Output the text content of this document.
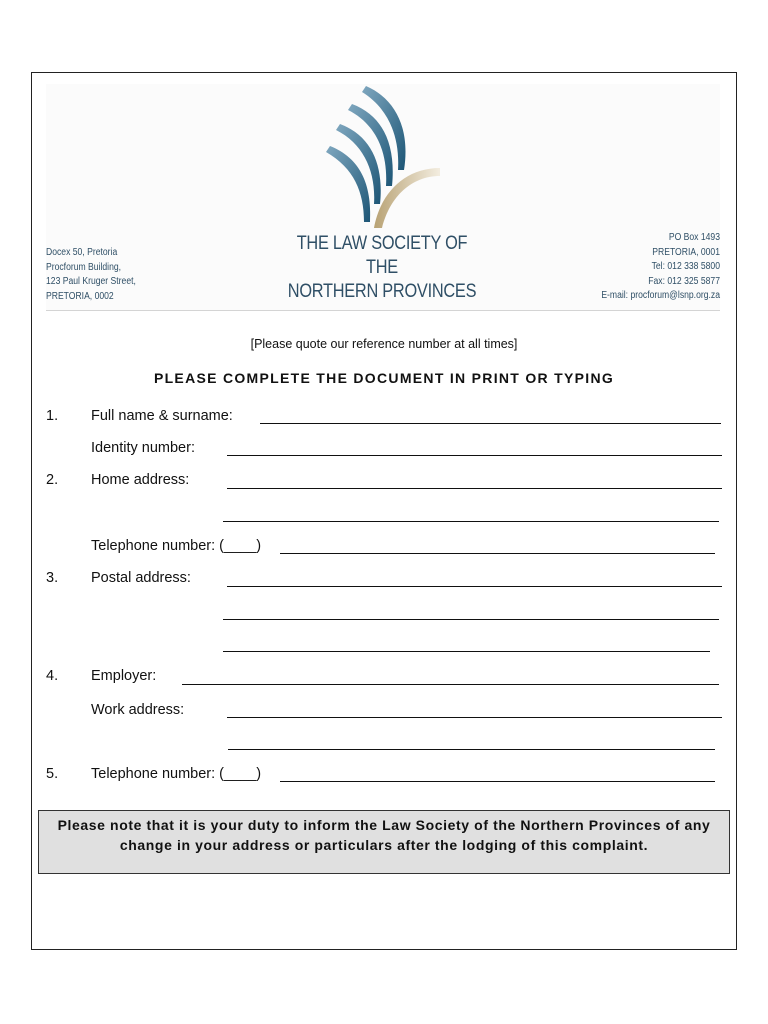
THE LAW SOCIETY OF THE
NORTHERN PROVINCES
Docex 50, Pretoria
Procforum Building,
123 Paul Kruger Street,
PRETORIA, 0002
PO Box 1493
PRETORIA, 0001
Tel: 012 338 5800
Fax: 012 325 5877
E-mail: procforum@lsnp.org.za
[Please quote our reference number at all times]
PLEASE COMPLETE THE DOCUMENT IN PRINT OR TYPING
1. Full name & surname:
Identity number:
2. Home address:
Telephone number: (____)
3. Postal address:
4. Employer:
Work address:
5. Telephone number: (____)
Please note that it is your duty to inform the Law Society of the Northern Provinces of any change in your address or particulars after the lodging of this complaint.
